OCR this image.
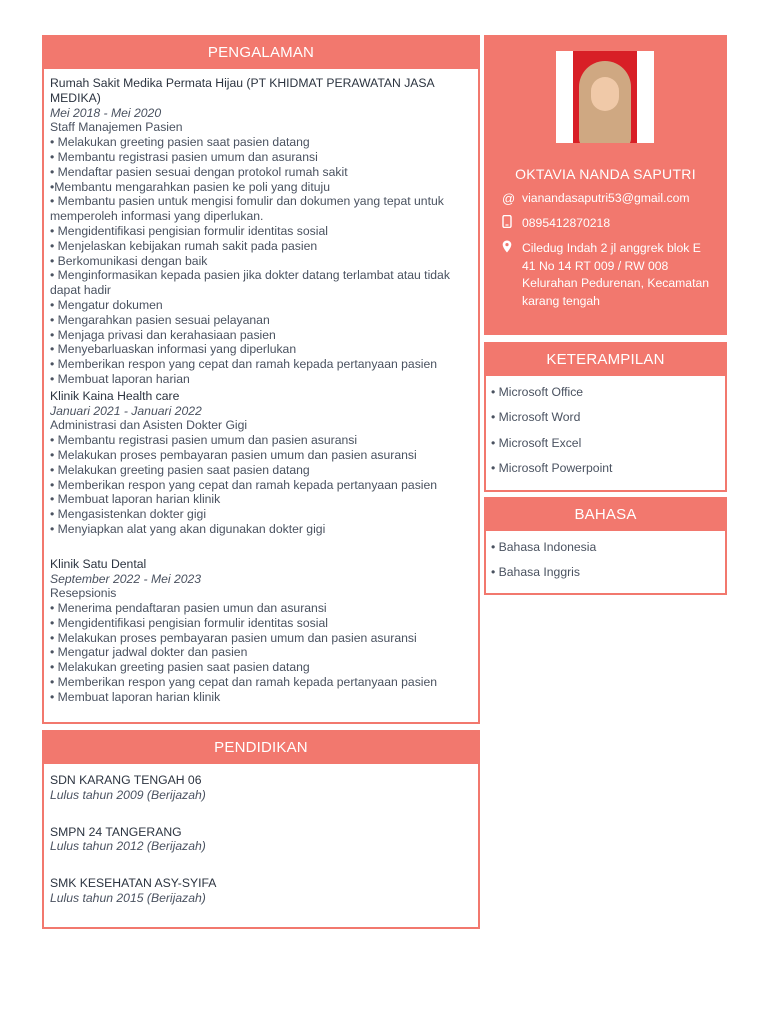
PENGALAMAN
Rumah Sakit Medika Permata Hijau (PT KHIDMAT PERAWATAN JASA MEDIKA)
Mei 2018 - Mei 2020
Staff Manajemen Pasien
• Melakukan greeting pasien saat pasien datang
• Membantu registrasi pasien umum dan asuransi
• Mendaftar pasien sesuai dengan protokol rumah sakit
•Membantu mengarahkan pasien ke poli yang dituju
• Membantu pasien untuk mengisi fomulir dan dokumen yang tepat untuk memperoleh informasi yang diperlukan.
• Mengidentifikasi pengisian formulir identitas sosial
• Menjelaskan kebijakan rumah sakit pada pasien
• Berkomunikasi dengan baik
• Menginformasikan kepada pasien jika dokter datang terlambat atau tidak dapat hadir
• Mengatur dokumen
• Mengarahkan pasien sesuai pelayanan
• Menjaga privasi dan kerahasiaan pasien
• Menyebarluaskan informasi yang diperlukan
• Memberikan respon yang cepat dan ramah kepada pertanyaan pasien
• Membuat laporan harian
Klinik Kaina Health care
Januari 2021 - Januari 2022
Administrasi dan Asisten Dokter Gigi
• Membantu registrasi pasien umum dan pasien asuransi
• Melakukan proses pembayaran pasien umum dan pasien asuransi
• Melakukan greeting pasien saat pasien datang
• Memberikan respon yang cepat dan ramah kepada pertanyaan pasien
• Membuat laporan harian klinik
• Mengasistenkan dokter gigi
• Menyiapkan alat yang akan digunakan dokter gigi
Klinik Satu Dental
September 2022 - Mei 2023
Resepsionis
• Menerima pendaftaran pasien umun dan asuransi
• Mengidentifikasi pengisian formulir identitas sosial
• Melakukan proses pembayaran pasien umum dan pasien asuransi
• Mengatur jadwal dokter dan pasien
• Melakukan greeting pasien saat pasien datang
• Memberikan respon yang cepat dan ramah kepada pertanyaan pasien
• Membuat laporan harian klinik
PENDIDIKAN
SDN KARANG TENGAH 06
Lulus tahun 2009 (Berijazah)
SMPN 24 TANGERANG
Lulus tahun 2012 (Berijazah)
SMK KESEHATAN ASY-SYIFA
Lulus tahun 2015 (Berijazah)
OKTAVIA NANDA SAPUTRI
@ viananda​saputri53@gmail.com
0895412870218
Ciledug Indah 2 jl anggrek blok E 41 No 14 RT 009 / RW 008 Kelurahan Pedurenan, Kecamatan karang tengah
KETERAMPILAN
• Microsoft Office
• Microsoft Word
• Microsoft Excel
• Microsoft Powerpoint
BAHASA
• Bahasa Indonesia
• Bahasa Inggris
